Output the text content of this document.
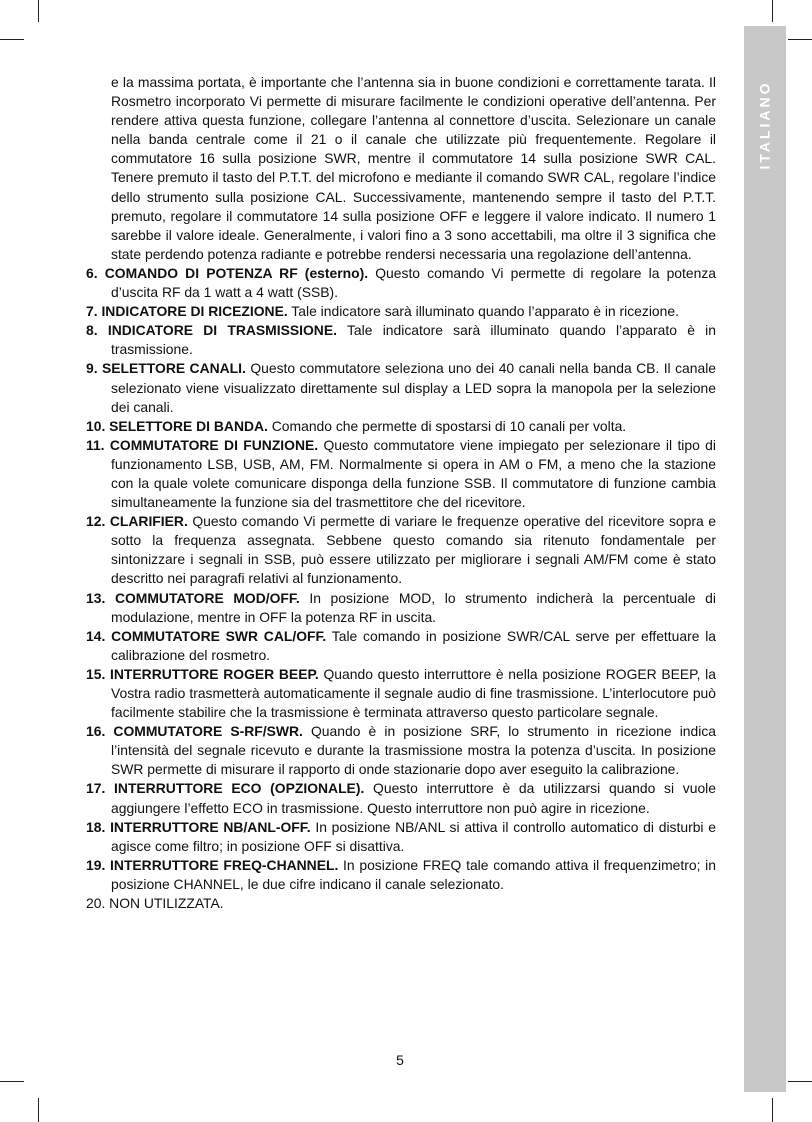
ITALIANO

e la massima portata, è importante che l’antenna sia in buone condizioni e correttamente tarata. Il Rosmetro incorporato Vi permette di misurare facilmente le condizioni operative dell’antenna. Per rendere attiva questa funzione, collegare l’antenna al connettore d’uscita. Selezionare un canale nella banda centrale come il 21 o il canale che utilizzate più frequentemente. Regolare il commutatore 16 sulla posizione SWR, mentre il commutatore 14 sulla posizione SWR CAL. Tenere premuto il tasto del P.T.T. del microfono e mediante il comando SWR CAL, regolare l’indice dello strumento sulla posizione CAL. Successivamente, mantenendo sempre il tasto del P.T.T. premuto, regolare il commutatore 14 sulla posizione OFF e leggere il valore indicato. Il numero 1 sarebbe il valore ideale. Generalmente, i valori fino a 3 sono accettabili, ma oltre il 3 significa che state perdendo potenza radiante e potrebbe rendersi necessaria una regolazione dell’antenna.

6. COMANDO DI POTENZA RF (esterno). Questo comando Vi permette di regolare la potenza d’uscita RF da 1 watt a 4 watt (SSB).

7. INDICATORE DI RICEZIONE. Tale indicatore sarà illuminato quando l’apparato è in ricezione.

8. INDICATORE DI TRASMISSIONE. Tale indicatore sarà illuminato quando l’apparato è in trasmissione.

9. SELETTORE CANALI. Questo commutatore seleziona uno dei 40 canali nella banda CB. Il canale selezionato viene visualizzato direttamente sul display a LED sopra la manopola per la selezione dei canali.

10. SELETTORE DI BANDA. Comando che permette di spostarsi di 10 canali per volta.

11. COMMUTATORE DI FUNZIONE. Questo commutatore viene impiegato per selezionare il tipo di funzionamento LSB, USB, AM, FM. Normalmente si opera in AM o FM, a meno che la stazione con la quale volete comunicare disponga della funzione SSB. Il commutatore di funzione cambia simultaneamente la funzione sia del trasmettitore che del ricevitore.

12. CLARIFIER. Questo comando Vi permette di variare le frequenze operative del ricevitore sopra e sotto la frequenza assegnata. Sebbene questo comando sia ritenuto fondamentale per sintonizzare i segnali in SSB, può essere utilizzato per migliorare i segnali AM/FM come è stato descritto nei paragrafi relativi al funzionamento.

13. COMMUTATORE MOD/OFF. In posizione MOD, lo strumento indicherà la percentuale di modulazione, mentre in OFF la potenza RF in uscita.

14. COMMUTATORE SWR CAL/OFF. Tale comando in posizione SWR/CAL serve per effettuare la calibrazione del rosmetro.

15. INTERRUTTORE ROGER BEEP. Quando questo interruttore è nella posizione ROGER BEEP, la Vostra radio trasmetterà automaticamente il segnale audio di fine trasmissione. L’interlocutore può facilmente stabilire che la trasmissione è terminata attraverso questo particolare segnale.

16. COMMUTATORE S-RF/SWR. Quando è in posizione SRF, lo strumento in ricezione indica l’intensità del segnale ricevuto e durante la trasmissione mostra la potenza d’uscita. In posizione SWR permette di misurare il rapporto di onde stazionarie dopo aver eseguito la calibrazione.

17. INTERRUTTORE ECO (OPZIONALE). Questo interruttore è da utilizzarsi quando si vuole aggiungere l’effetto ECO in trasmissione. Questo interruttore non può agire in ricezione.

18. INTERRUTTORE NB/ANL-OFF. In posizione NB/ANL si attiva il controllo automatico di disturbi e agisce come filtro; in posizione OFF si disattiva.

19. INTERRUTTORE FREQ-CHANNEL. In posizione FREQ tale comando attiva il frequenzimetro; in posizione CHANNEL, le due cifre indicano il canale selezionato.

20. NON UTILIZZATA.

5
